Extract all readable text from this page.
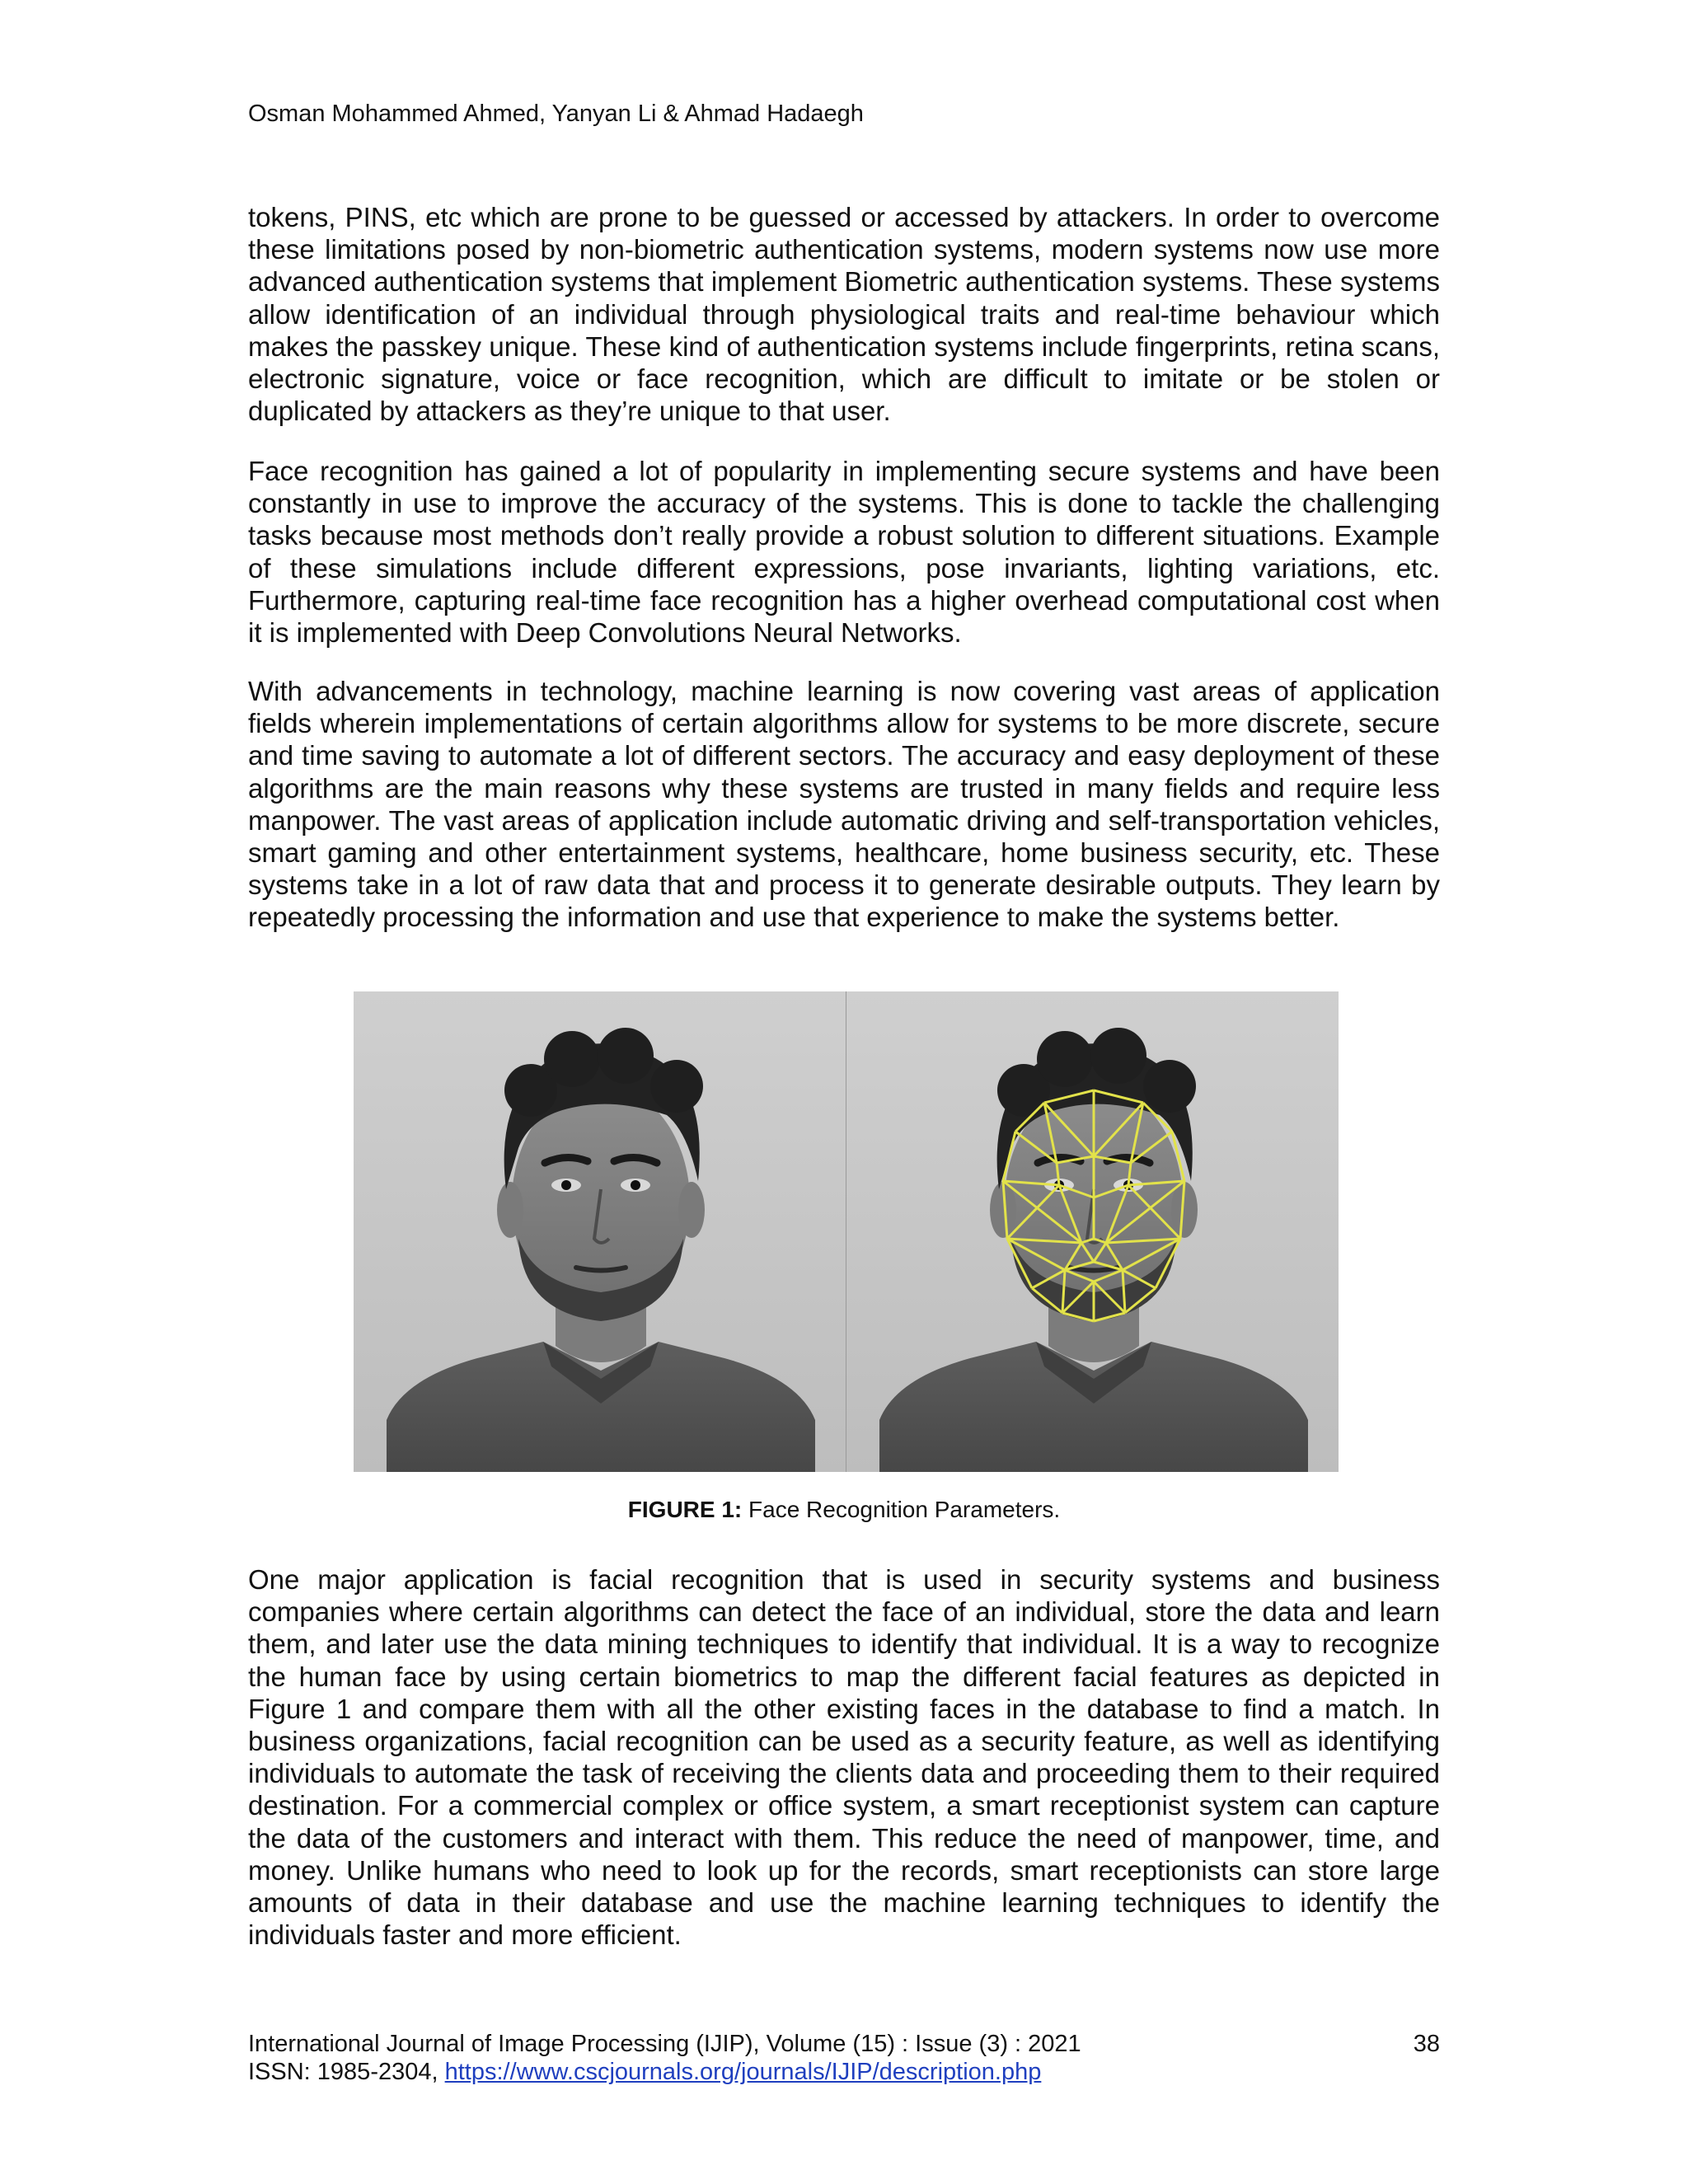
Osman Mohammed Ahmed, Yanyan Li & Ahmad Hadaegh

tokens, PINS, etc which are prone to be guessed or accessed by attackers. In order to overcome these limitations posed by non-biometric authentication systems, modern systems now use more advanced authentication systems that implement Biometric authentication systems. These systems allow identification of an individual through physiological traits and real-time behaviour which makes the passkey unique. These kind of authentication systems include fingerprints, retina scans, electronic signature, voice or face recognition, which are difficult to imitate or be stolen or duplicated by attackers as they’re unique to that user.

Face recognition has gained a lot of popularity in implementing secure systems and have been constantly in use to improve the accuracy of the systems. This is done to tackle the challenging tasks because most methods don’t really provide a robust solution to different situations. Example of these simulations include different expressions, pose invariants, lighting variations, etc. Furthermore, capturing real-time face recognition has a higher overhead computational cost when it is implemented with Deep Convolutions Neural Networks.

With advancements in technology, machine learning is now covering vast areas of application fields wherein implementations of certain algorithms allow for systems to be more discrete, secure and time saving to automate a lot of different sectors. The accuracy and easy deployment of these algorithms are the main reasons why these systems are trusted in many fields and require less manpower. The vast areas of application include automatic driving and self-transportation vehicles, smart gaming and other entertainment systems, healthcare, home business security, etc. These systems take in a lot of raw data that and process it to generate desirable outputs. They learn by repeatedly processing the information and use that experience to make the systems better.

FIGURE 1: Face Recognition Parameters.

One major application is facial recognition that is used in security systems and business companies where certain algorithms can detect the face of an individual, store the data and learn them, and later use the data mining techniques to identify that individual. It is a way to recognize the human face by using certain biometrics to map the different facial features as depicted in Figure 1 and compare them with all the other existing faces in the database to find a match. In business organizations, facial recognition can be used as a security feature, as well as identifying individuals to automate the task of receiving the clients data and proceeding them to their required destination. For a commercial complex or office system, a smart receptionist system can capture the data of the customers and interact with them. This reduce the need of manpower, time, and money. Unlike humans who need to look up for the records, smart receptionists can store large amounts of data in their database and use the machine learning techniques to identify the individuals faster and more efficient.

International Journal of Image Processing (IJIP), Volume (15) : Issue (3) : 2021	38
ISSN: 1985-2304, https://www.cscjournals.org/journals/IJIP/description.php
